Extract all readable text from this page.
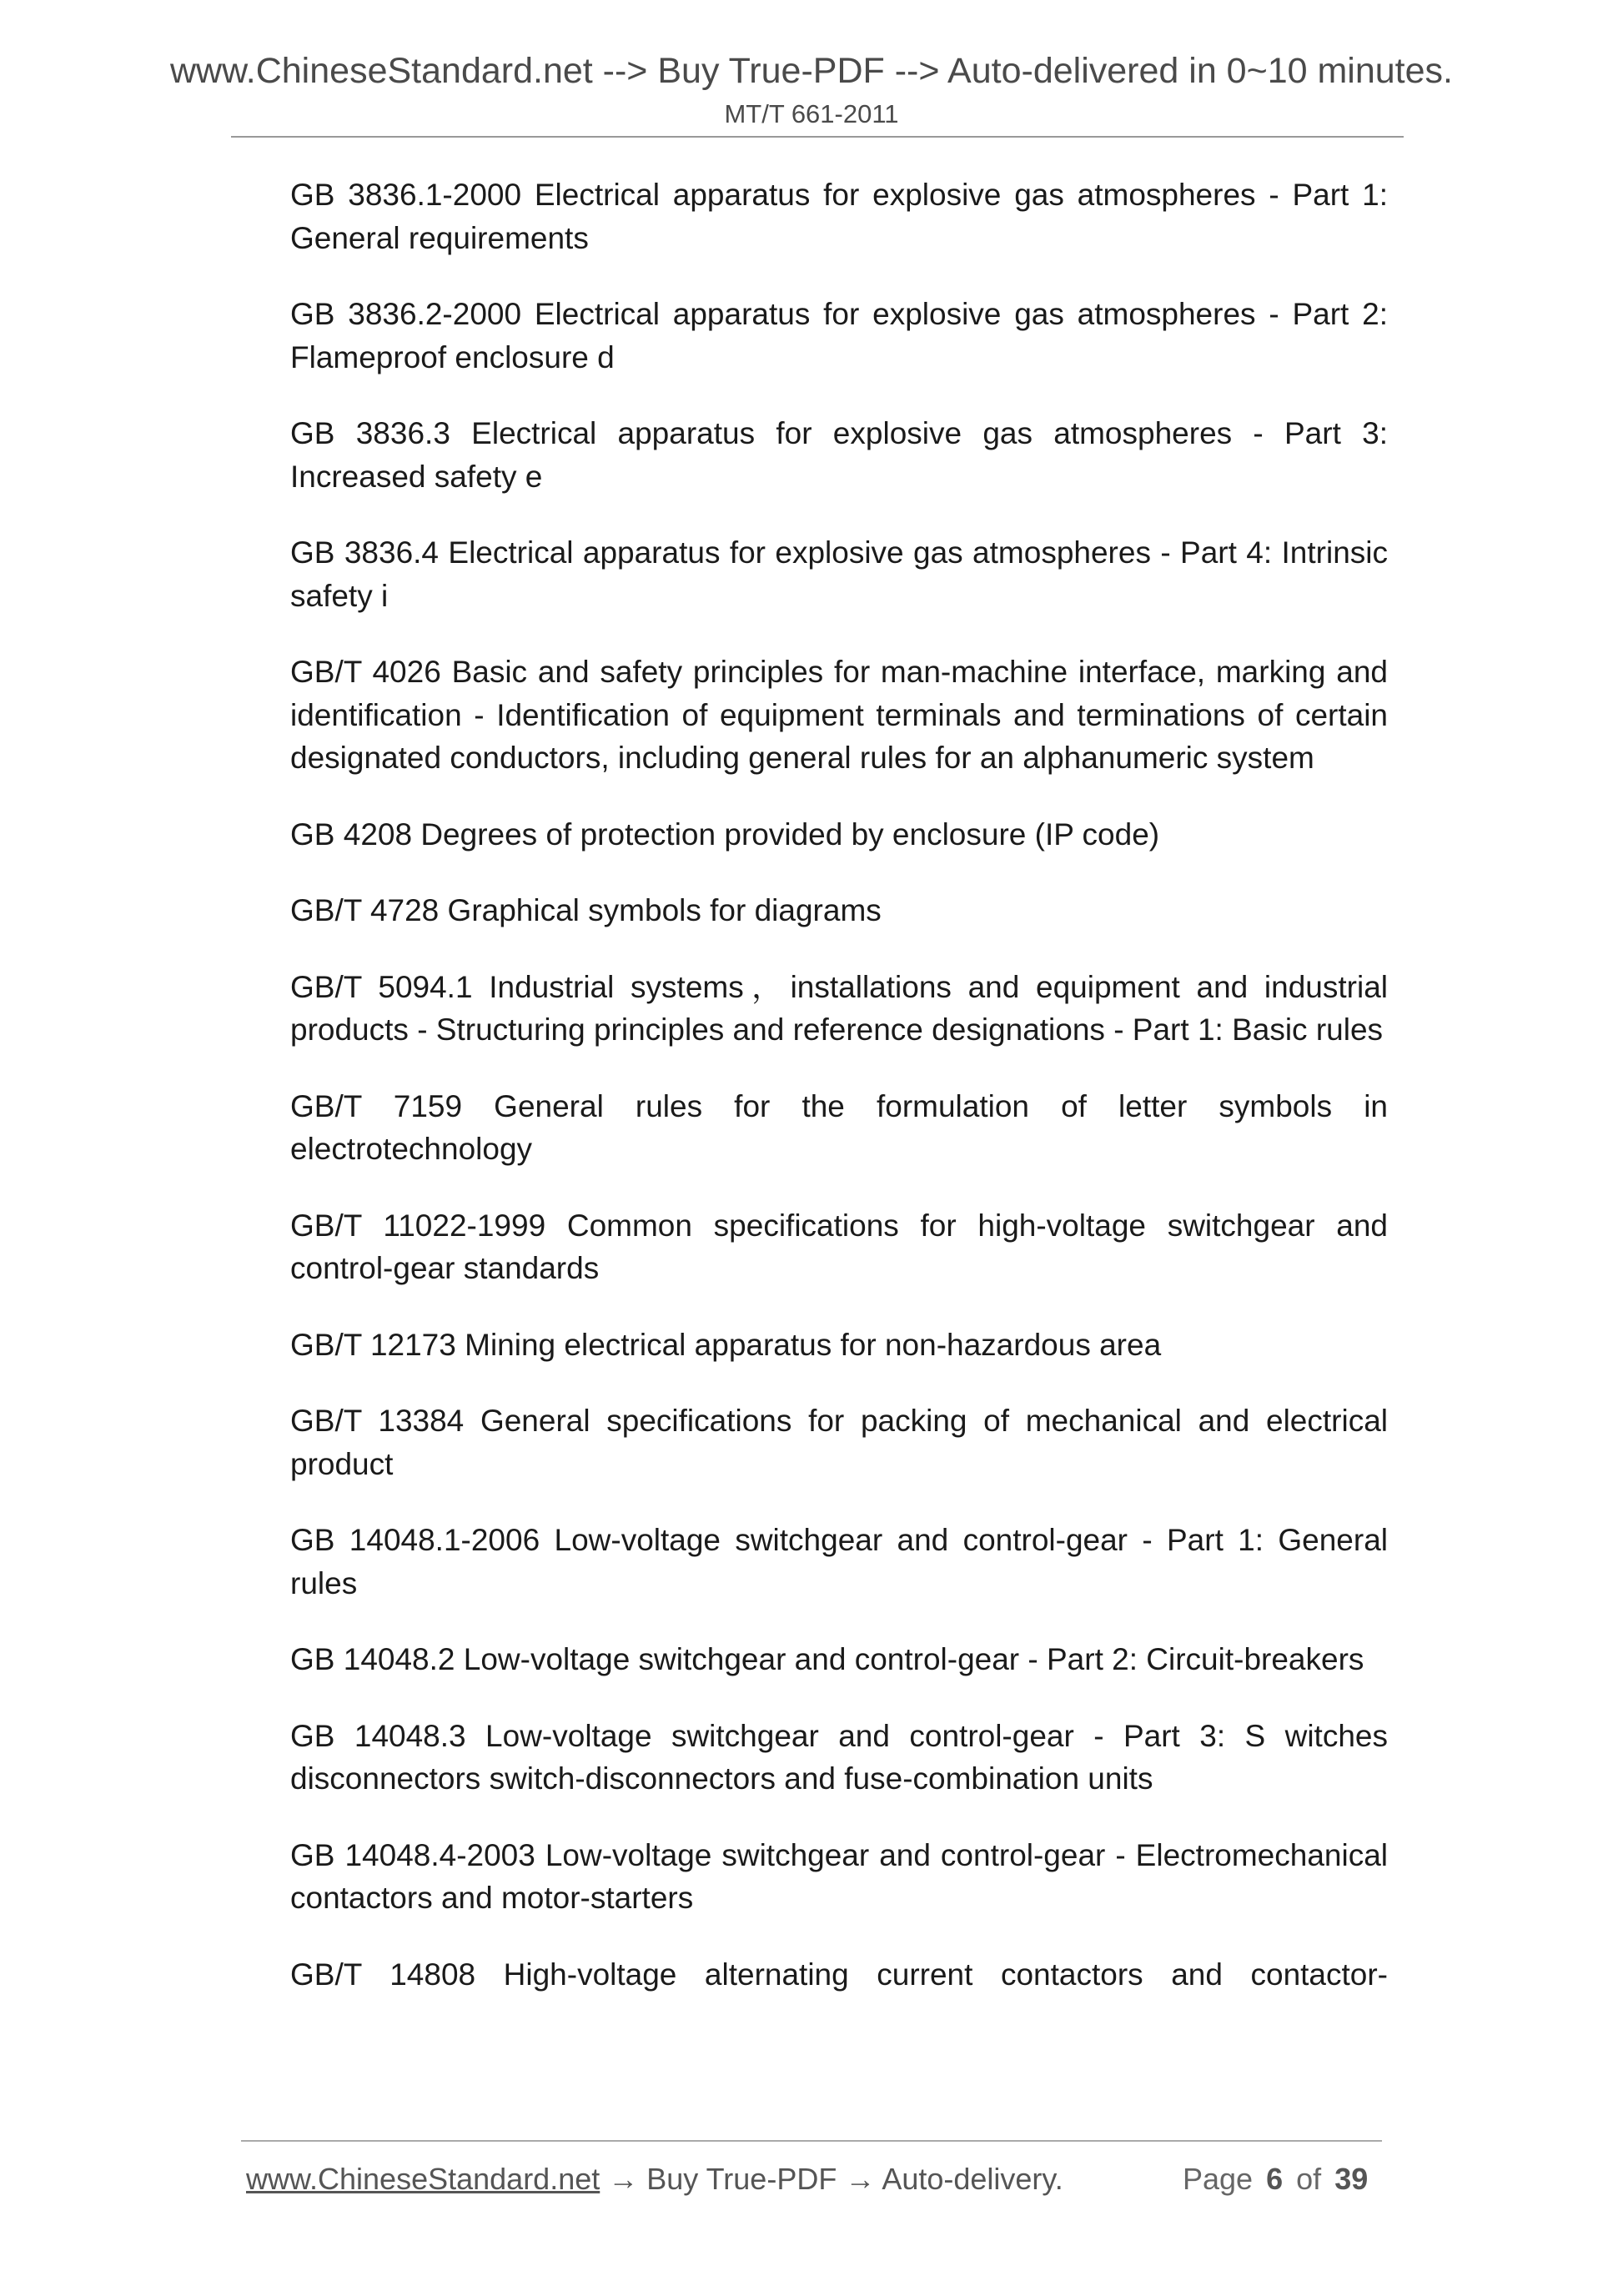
www.ChineseStandard.net --> Buy True-PDF --> Auto-delivered in 0~10 minutes.
MT/T 661-2011

GB 3836.1-2000 Electrical apparatus for explosive gas atmospheres - Part 1: General requirements

GB 3836.2-2000 Electrical apparatus for explosive gas atmospheres - Part 2: Flameproof enclosure d

GB 3836.3 Electrical apparatus for explosive gas atmospheres - Part 3: Increased safety e

GB 3836.4 Electrical apparatus for explosive gas atmospheres - Part 4: Intrinsic safety i

GB/T 4026 Basic and safety principles for man-machine interface, marking and identification - Identification of equipment terminals and terminations of certain designated conductors, including general rules for an alphanumeric system

GB 4208 Degrees of protection provided by enclosure (IP code)

GB/T 4728 Graphical symbols for diagrams

GB/T 5094.1 Industrial systems，installations and equipment and industrial products - Structuring principles and reference designations - Part 1: Basic rules

GB/T 7159 General rules for the formulation of letter symbols in electrotechnology

GB/T 11022-1999 Common specifications for high-voltage switchgear and control-gear standards

GB/T 12173 Mining electrical apparatus for non-hazardous area

GB/T 13384 General specifications for packing of mechanical and electrical product

GB 14048.1-2006 Low-voltage switchgear and control-gear - Part 1: General rules

GB 14048.2 Low-voltage switchgear and control-gear - Part 2: Circuit-breakers

GB 14048.3 Low-voltage switchgear and control-gear - Part 3: S witches disconnectors switch-disconnectors and fuse-combination units

GB 14048.4-2003 Low-voltage switchgear and control-gear - Electromechanical contactors and motor-starters

GB/T 14808 High-voltage alternating current contactors and contactor-

www.ChineseStandard.net → Buy True-PDF → Auto-delivery.	Page 6 of 39
